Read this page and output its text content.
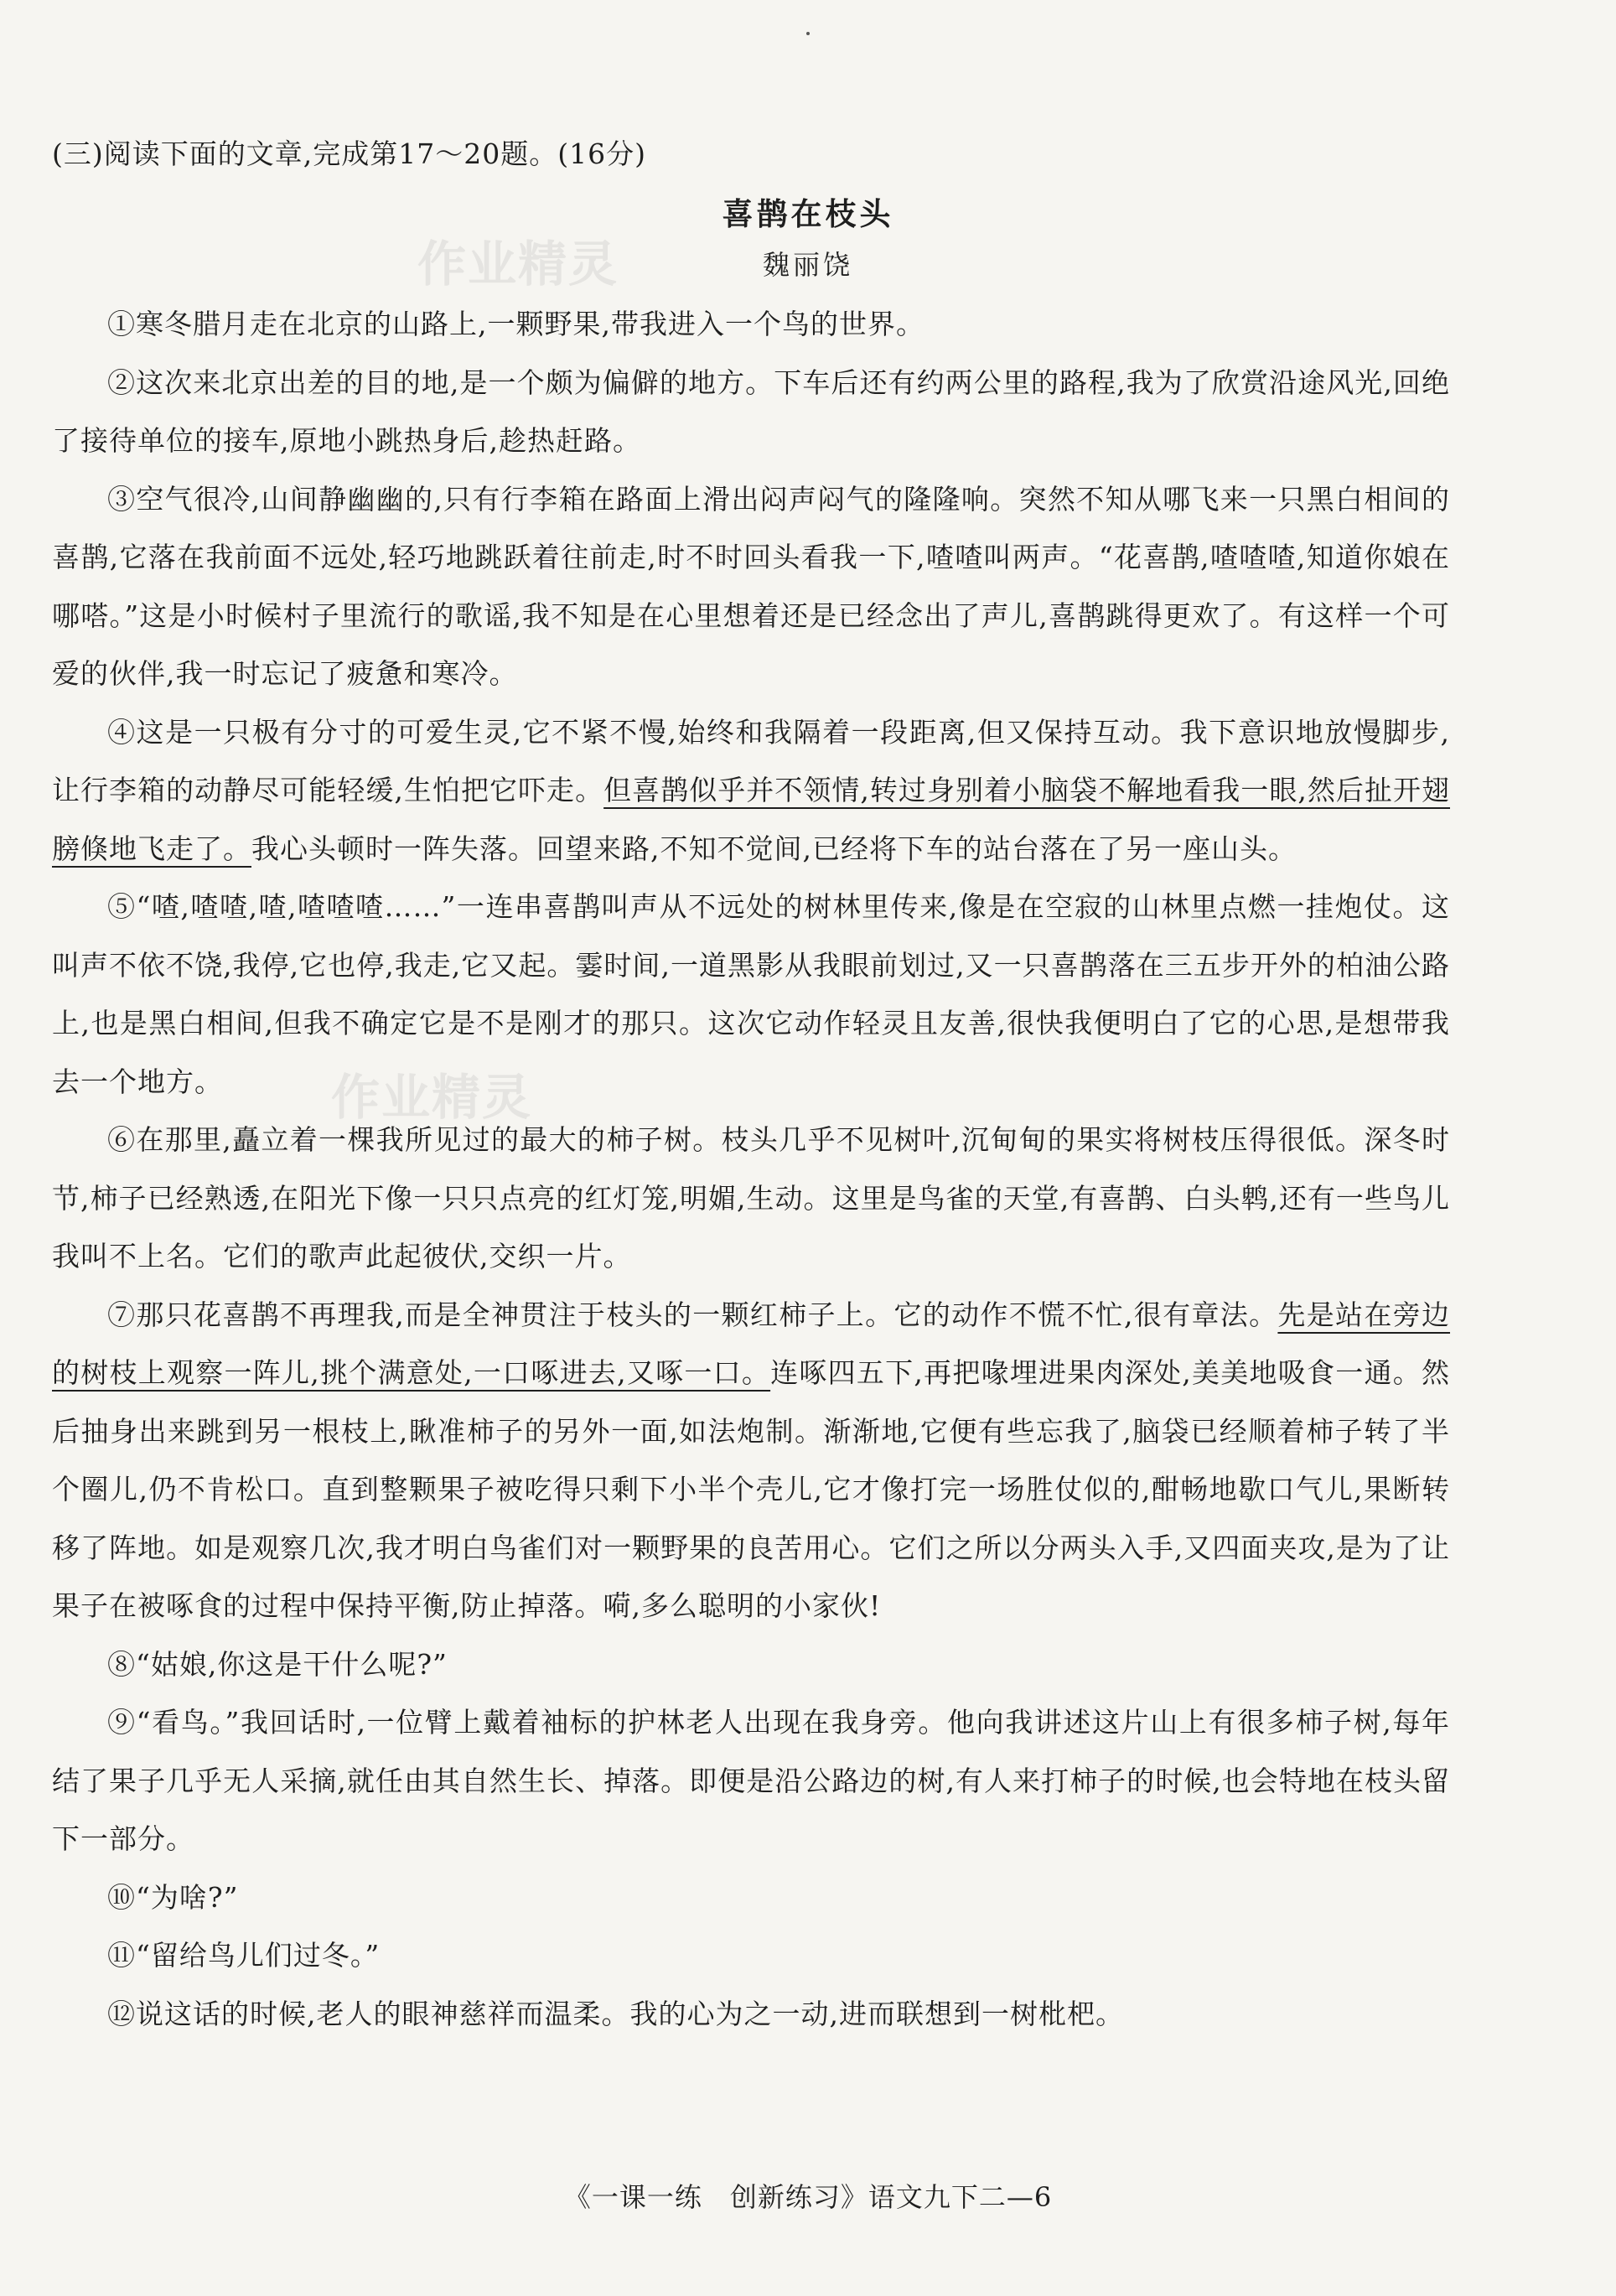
作业精灵
作业精灵
(三)阅读下面的文章,完成第17～20题。(16分)
喜鹊在枝头
魏丽饶

①寒冬腊月走在北京的山路上,一颗野果,带我进入一个鸟的世界。

②这次来北京出差的目的地,是一个颇为偏僻的地方。下车后还有约两公里的路程,我为了欣赏沿途风光,回绝了接待单位的接车,原地小跳热身后,趁热赶路。

③空气很冷,山间静幽幽的,只有行李箱在路面上滑出闷声闷气的隆隆响。突然不知从哪飞来一只黑白相间的喜鹊,它落在我前面不远处,轻巧地跳跃着往前走,时不时回头看我一下,喳喳叫两声。“花喜鹊,喳喳喳,知道你娘在哪嗒。”这是小时候村子里流行的歌谣,我不知是在心里想着还是已经念出了声儿,喜鹊跳得更欢了。有这样一个可爱的伙伴,我一时忘记了疲惫和寒冷。

④这是一只极有分寸的可爱生灵,它不紧不慢,始终和我隔着一段距离,但又保持互动。我下意识地放慢脚步,让行李箱的动静尽可能轻缓,生怕把它吓走。但喜鹊似乎并不领情,转过身别着小脑袋不解地看我一眼,然后扯开翅膀倏地飞走了。我心头顿时一阵失落。回望来路,不知不觉间,已经将下车的站台落在了另一座山头。

⑤“喳,喳喳,喳,喳喳喳……”一连串喜鹊叫声从不远处的树林里传来,像是在空寂的山林里点燃一挂炮仗。这叫声不依不饶,我停,它也停,我走,它又起。霎时间,一道黑影从我眼前划过,又一只喜鹊落在三五步开外的柏油公路上,也是黑白相间,但我不确定它是不是刚才的那只。这次它动作轻灵且友善,很快我便明白了它的心思,是想带我去一个地方。

⑥在那里,矗立着一棵我所见过的最大的柿子树。枝头几乎不见树叶,沉甸甸的果实将树枝压得很低。深冬时节,柿子已经熟透,在阳光下像一只只点亮的红灯笼,明媚,生动。这里是鸟雀的天堂,有喜鹊、白头鹎,还有一些鸟儿我叫不上名。它们的歌声此起彼伏,交织一片。

⑦那只花喜鹊不再理我,而是全神贯注于枝头的一颗红柿子上。它的动作不慌不忙,很有章法。先是站在旁边的树枝上观察一阵儿,挑个满意处,一口啄进去,又啄一口。连啄四五下,再把喙埋进果肉深处,美美地吸食一通。然后抽身出来跳到另一根枝上,瞅准柿子的另外一面,如法炮制。渐渐地,它便有些忘我了,脑袋已经顺着柿子转了半个圈儿,仍不肯松口。直到整颗果子被吃得只剩下小半个壳儿,它才像打完一场胜仗似的,酣畅地歇口气儿,果断转移了阵地。如是观察几次,我才明白鸟雀们对一颗野果的良苦用心。它们之所以分两头入手,又四面夹攻,是为了让果子在被啄食的过程中保持平衡,防止掉落。嗬,多么聪明的小家伙!

⑧“姑娘,你这是干什么呢?”

⑨“看鸟。”我回话时,一位臂上戴着袖标的护林老人出现在我身旁。他向我讲述这片山上有很多柿子树,每年结了果子几乎无人采摘,就任由其自然生长、掉落。即便是沿公路边的树,有人来打柿子的时候,也会特地在枝头留下一部分。

⑩“为啥?”

⑪“留给鸟儿们过冬。”

⑫说这话的时候,老人的眼神慈祥而温柔。我的心为之一动,进而联想到一树枇杷。

《一课一练　创新练习》语文九下二—6
